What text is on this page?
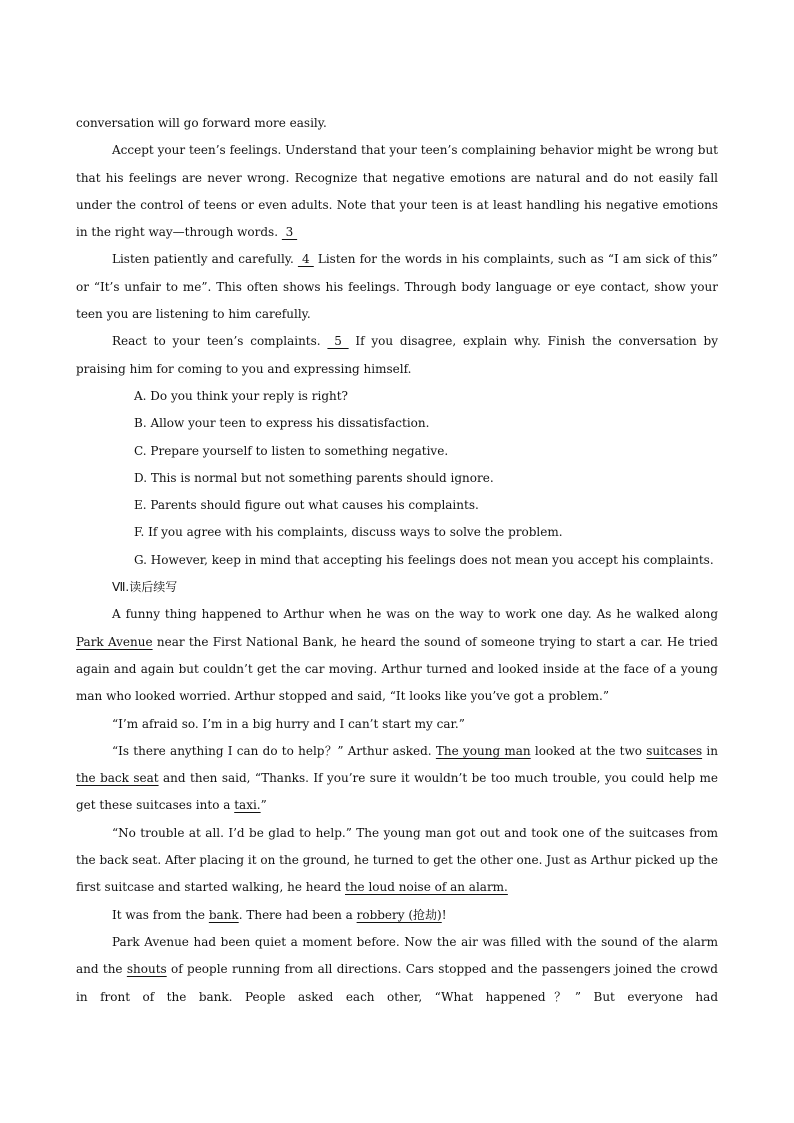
conversation will go forward more easily.

Accept your teen’s feelings. Understand that your teen’s complaining behavior might be wrong but that his feelings are never wrong. Recognize that negative emotions are natural and do not easily fall under the control of teens or even adults. Note that your teen is at least handling his negative emotions in the right way—through words.  3

Listen patiently and carefully.  4  Listen for the words in his complaints, such as “I am sick of this” or “It’s unfair to me”. This often shows his feelings. Through body language or eye contact, show your teen you are listening to him carefully.

React to your teen’s complaints.  5  If you disagree, explain why. Finish the conversation by praising him for coming to you and expressing himself.

A. Do you think your reply is right?

B. Allow your teen to express his dissatisfaction.

C. Prepare yourself to listen to something negative.

D. This is normal but not something parents should ignore.

E. Parents should figure out what causes his complaints.

F. If you agree with his complaints, discuss ways to solve the problem.

G. However, keep in mind that accepting his feelings does not mean you accept his complaints.

Ⅶ.读后续写

A funny thing happened to Arthur when he was on the way to work one day. As he walked along Park Avenue near the First National Bank, he heard the sound of someone trying to start a car. He tried again and again but couldn’t get the car moving. Arthur turned and looked inside at the face of a young man who looked worried. Arthur stopped and said, “It looks like you’ve got a problem.”

“I’m afraid so. I’m in a big hurry and I can’t start my car.”

“Is there anything I can do to help？” Arthur asked. The young man looked at the two suitcases in the back seat and then said, “Thanks. If you’re sure it wouldn’t be too much trouble, you could help me get these suitcases into a taxi.”

“No trouble at all. I’d be glad to help.” The young man got out and took one of the suitcases from the back seat. After placing it on the ground, he turned to get the other one. Just as Arthur picked up the first suitcase and started walking, he heard the loud noise of an alarm.

It was from the bank. There had been a robbery (抢劫)!

Park Avenue had been quiet a moment before. Now the air was filled with the sound of the alarm and the shouts of people running from all directions. Cars stopped and the passengers joined the crowd in front of the bank. People asked each other, “What happened？” But everyone had
